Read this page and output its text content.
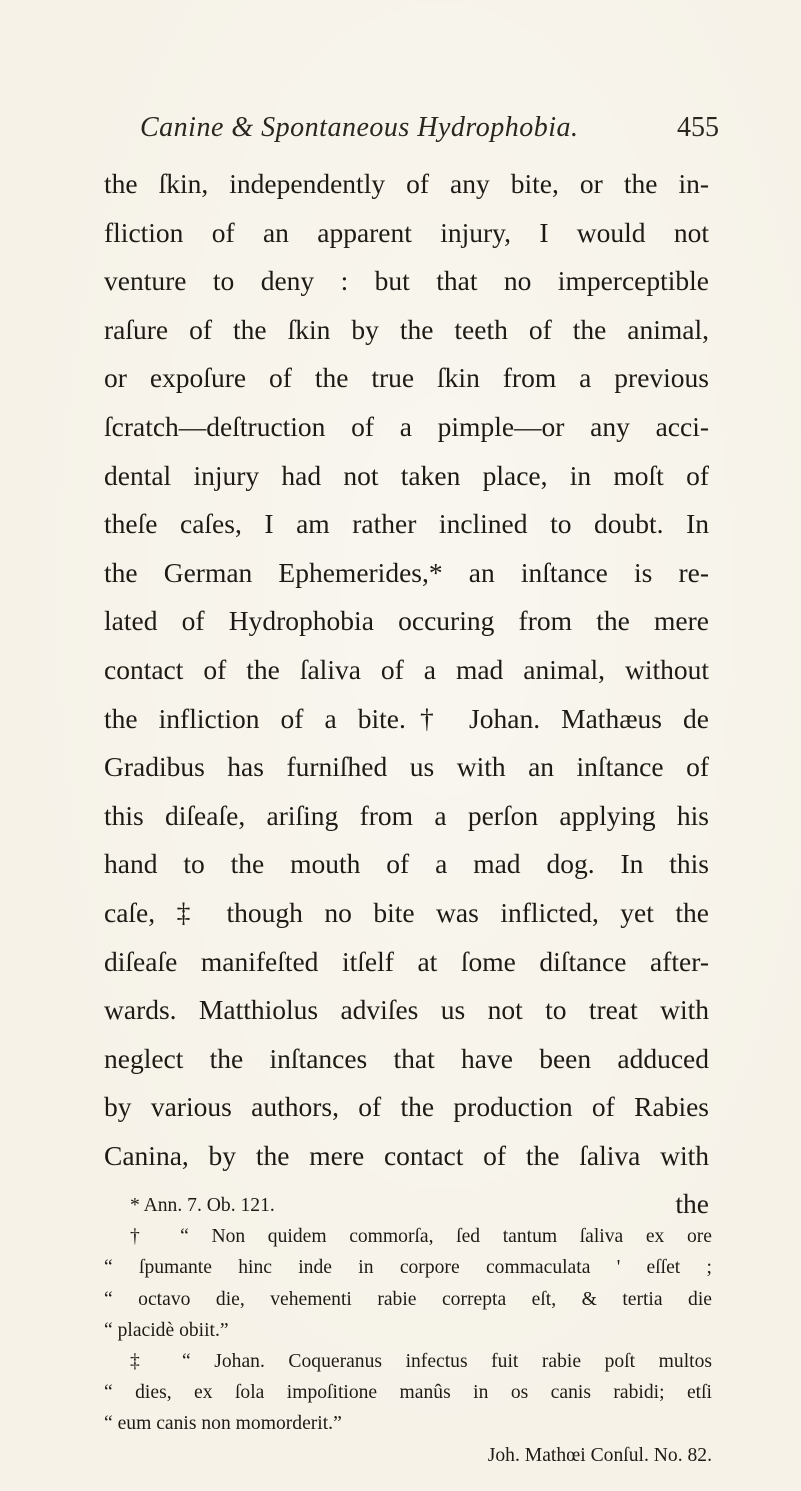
Canine & Spontaneous Hydrophobia.	455
the ſkin, independently of any bite, or the in-
fliction of an apparent injury, I would not
venture to deny : but that no imperceptible
raſure of the ſkin by the teeth of the animal,
or expoſure of the true ſkin from a previous
ſcratch—deſtruction of a pimple—or any acci-
dental injury had not taken place, in moſt of
theſe caſes, I am rather inclined to doubt. In
the German Ephemerides,* an inſtance is re-
lated of Hydrophobia occuring from the mere
contact of the ſaliva of a mad animal, without
the infliction of a bite.† Johan. Mathæus de
Gradibus has furniſhed us with an inſtance of
this diſeaſe, ariſing from a perſon applying his
hand to the mouth of a mad dog. In this
caſe, ‡ though no bite was inflicted, yet the
diſeaſe manifeſted itſelf at ſome diſtance after-
wards. Matthiolus adviſes us not to treat with
neglect the inſtances that have been adduced
by various authors, of the production of Rabies
Canina, by the mere contact of the ſaliva with
the
* Ann. 7. Ob. 121.
† “ Non quidem commorſa, ſed tantum ſaliva ex ore
“ ſpumante hinc inde in corpore commaculata ' eſſet ;
“ octavo die, vehementi rabie correpta eſt, & tertia die
“ placidè obiit.”
‡ “ Johan. Coqueranus infectus fuit rabie poſt multos
“ dies, ex ſola impoſitione manûs in os canis rabidi; etſi
“ eum canis non momorderit.”
Joh. Mathœi Conſul. No. 82.
